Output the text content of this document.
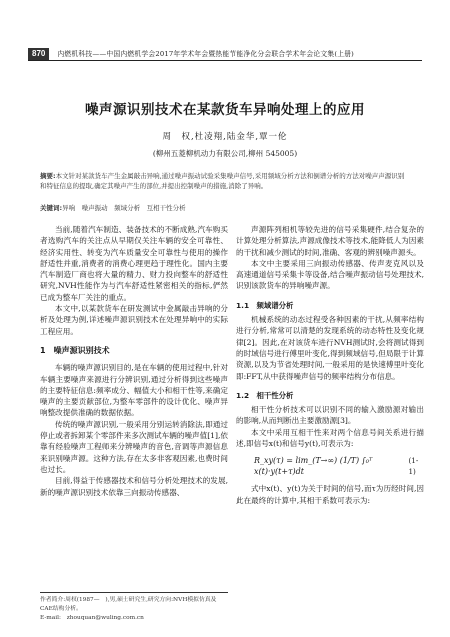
870	内燃机科技——中国内燃机学会2017年学术年会暨热能节能净化分会联合学术年会论文集(上册)
噪声源识别技术在某款货车异响处理上的应用
周　权,杜凌翔,陆金华,覃一伦
(柳州五菱柳机动力有限公司,柳州 545005)
摘要:本文针对某款货车产生金属敲击异响,通过噪声振动试验采集噪声信号,采用频域分析方法和倒谱分析的方法对噪声声源识别和特征信息的提取,确定其噪声产生的部位,并提出控制噪声的措施,消除了异响。
关键词:异响　噪声振动　频域分析　互相干性分析

当前,随着汽车制造、装备技术的不断成熟,汽车购买者选购汽车的关注点从早期仅关注车辆的安全可靠性、经济实用性、转变为汽车质量安全可靠性与使用的操作舒适性并重,消费者的消费心理更趋于理性化。国内主要汽车制造厂商也将大量的精力、财力投向整车的舒适性研究,NVH性能作为与汽车舒适性紧密相关的指标,俨然已成为整车厂关注的重点。

本文中,以某款货车在研发测试中金属敲击异响的分析及处理为例,详述噪声源识别技术在处理异响中的实际工程应用。

1　噪声源识别技术

车辆的噪声源识别目的,是在车辆的使用过程中,针对车辆主要噪声来源进行分辨识别,通过分析得到这些噪声的主要特征信息:频率成分、幅值大小和相干性等,来确定噪声的主要贡献部位,为整车零部件的设计优化、噪声异响整改提供准确的数据依据。

传统的噪声源识别,一般采用分别运转消除法,即通过停止或者拆卸某个零部件来多次测试车辆的噪声值[1],依靠有经验噪声工程师来分辨噪声的音色,音调等声源信息来识别噪声源。这种方法,存在太多非客观因素,也费时间也过长。

目前,得益于传感器技术和信号分析处理技术的发展,新的噪声源识别技术依靠三向振动传感器、

声源阵列相机等较先进的信号采集硬件,结合复杂的计算处理分析算法,声源成像技术等技术,能降低人为因素的干扰和减少测试的时间,准确、客观的辨别噪声源头。

本文中主要采用三向振动传感器、传声麦克风以及高速通道信号采集卡等设备,结合噪声振动信号处理技术,识别该款货车的异响噪声源。

1.1　频域谱分析

机械系统的动态过程受各种因素的干扰,从频率结构进行分析,常常可以清楚的发现系统的动态特性及变化规律[2]。因此,在对该货车进行NVH测试时,会将测试得到的时域信号进行傅里叶变化,得到频域信号,但局限于计算资源,以及为节省处理时间,一般采用的是快速傅里叶变化即:FFT,从中获得噪声信号的频率结构分布信息。

1.2　相干性分析

相干性分析技术可以识别不同的输入激励源对输出的影响,从而判断出主要激励源[3]。

本文中采用互相干性来对两个信息号间关系进行描述,即信号x(t)和信号y(t),可表示为:

R_xy(τ) = lim_(T→∞) (1/T) ∫₀ᵀ x(t)·y(t+τ)dt
(1-1)

式中x(t)、y(t)为关于时间的信号,而τ为历经时间,因此在最终的计算中,其相干系数可表示为:

作者简介:周权(1987—　),男,硕士研究生,研究方向:NVH模拟仿真及CAE结构分析。
E-mail:　zhouquan@wuling.com.cn
